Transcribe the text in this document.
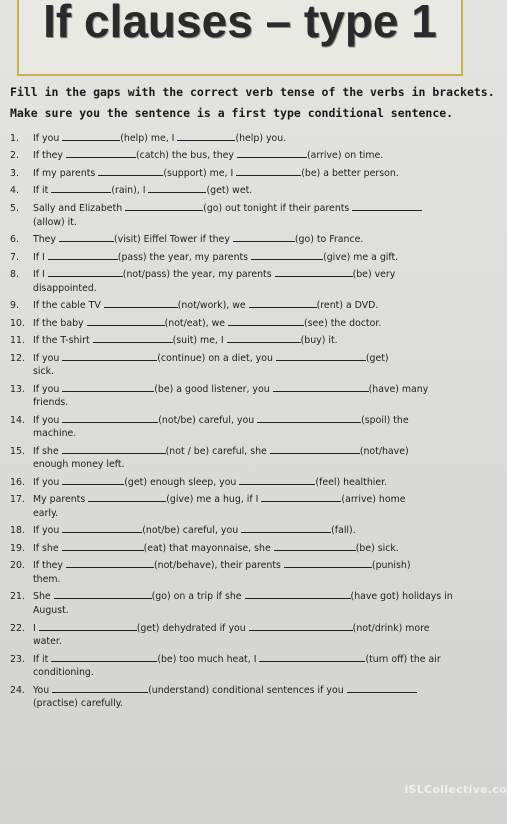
If clauses – type 1
Fill in the gaps with the correct verb tense of the verbs in brackets. Make sure you the sentence is a first type conditional sentence.
1. If you	(help) me, I	(help) you.
2. If they	(catch) the bus, they	(arrive) on time.
3. If my parents	(support) me, I	(be) a better person.
4. If it	(rain), I	(get) wet.
5. Sally and Elizabeth	(go) out tonight if their parents
(allow) it.
6. They	(visit) Eiffel Tower if they	(go) to France.
7. If I	(pass) the year, my parents	(give) me a gift.
8. If I	(not/pass) the year, my parents	(be) very
disappointed.
9. If the cable TV	(not/work), we	(rent) a DVD.
10. If the baby	(not/eat), we	(see) the doctor.
11. If the T-shirt	(suit) me, I	(buy) it.
12. If you	(continue) on a diet, you	(get)
sick.
13. If you	(be) a good listener, you	(have) many
friends.
14. If you	(not/be) careful, you	(spoil) the
machine.
15. If she	(not / be) careful, she	(not/have)
enough money left.
16. If you	(get) enough sleep, you	(feel) healthier.
17. My parents	(give) me a hug, if I	(arrive) home
early.
18. If you	(not/be) careful, you	(fall).
19. If she	(eat) that mayonnaise, she	(be) sick.
20. If they	(not/behave), their parents	(punish)
them.
21. She	(go) on a trip if she	(have got) holidays in
August.
22. I	(get) dehydrated if you	(not/drink) more
water.
23. If it	(be) too much heat, I	(turn off) the air
conditioning.
24. You	(understand) conditional sentences if you
(practise) carefully.
iSLCollective.co
